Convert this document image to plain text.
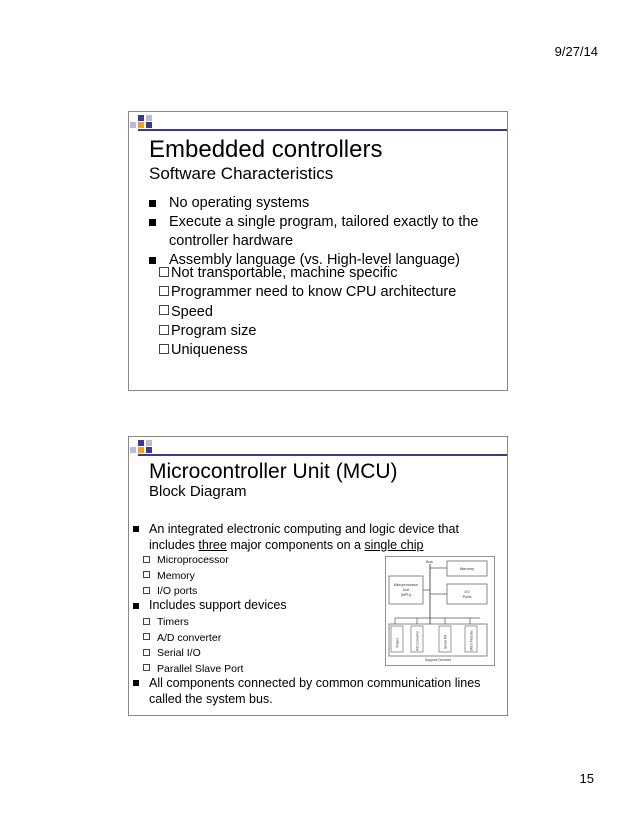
9/27/14
Embedded controllers
Software Characteristics
No operating systems
Execute a single program, tailored exactly to the controller hardware
Assembly language (vs. High-level language)
Not transportable, machine specific
Programmer need to know CPU architecture
Speed
Program size
Uniqueness
Microcontroller Unit (MCU)
Block Diagram
An integrated electronic computing and logic device that includes three major components on a single chip
Microprocessor
Memory
I/O ports
Includes support devices
Timers
A/D converter
Serial I/O
Parallel Slave Port
All components connected by common communication lines called the system bus.
Bus
Memory
Microprocessor
Unit
(MPU)
I/O
Ports
Timers	A/D Converter	Serial I/O	Other Modules
Support Devices
15
